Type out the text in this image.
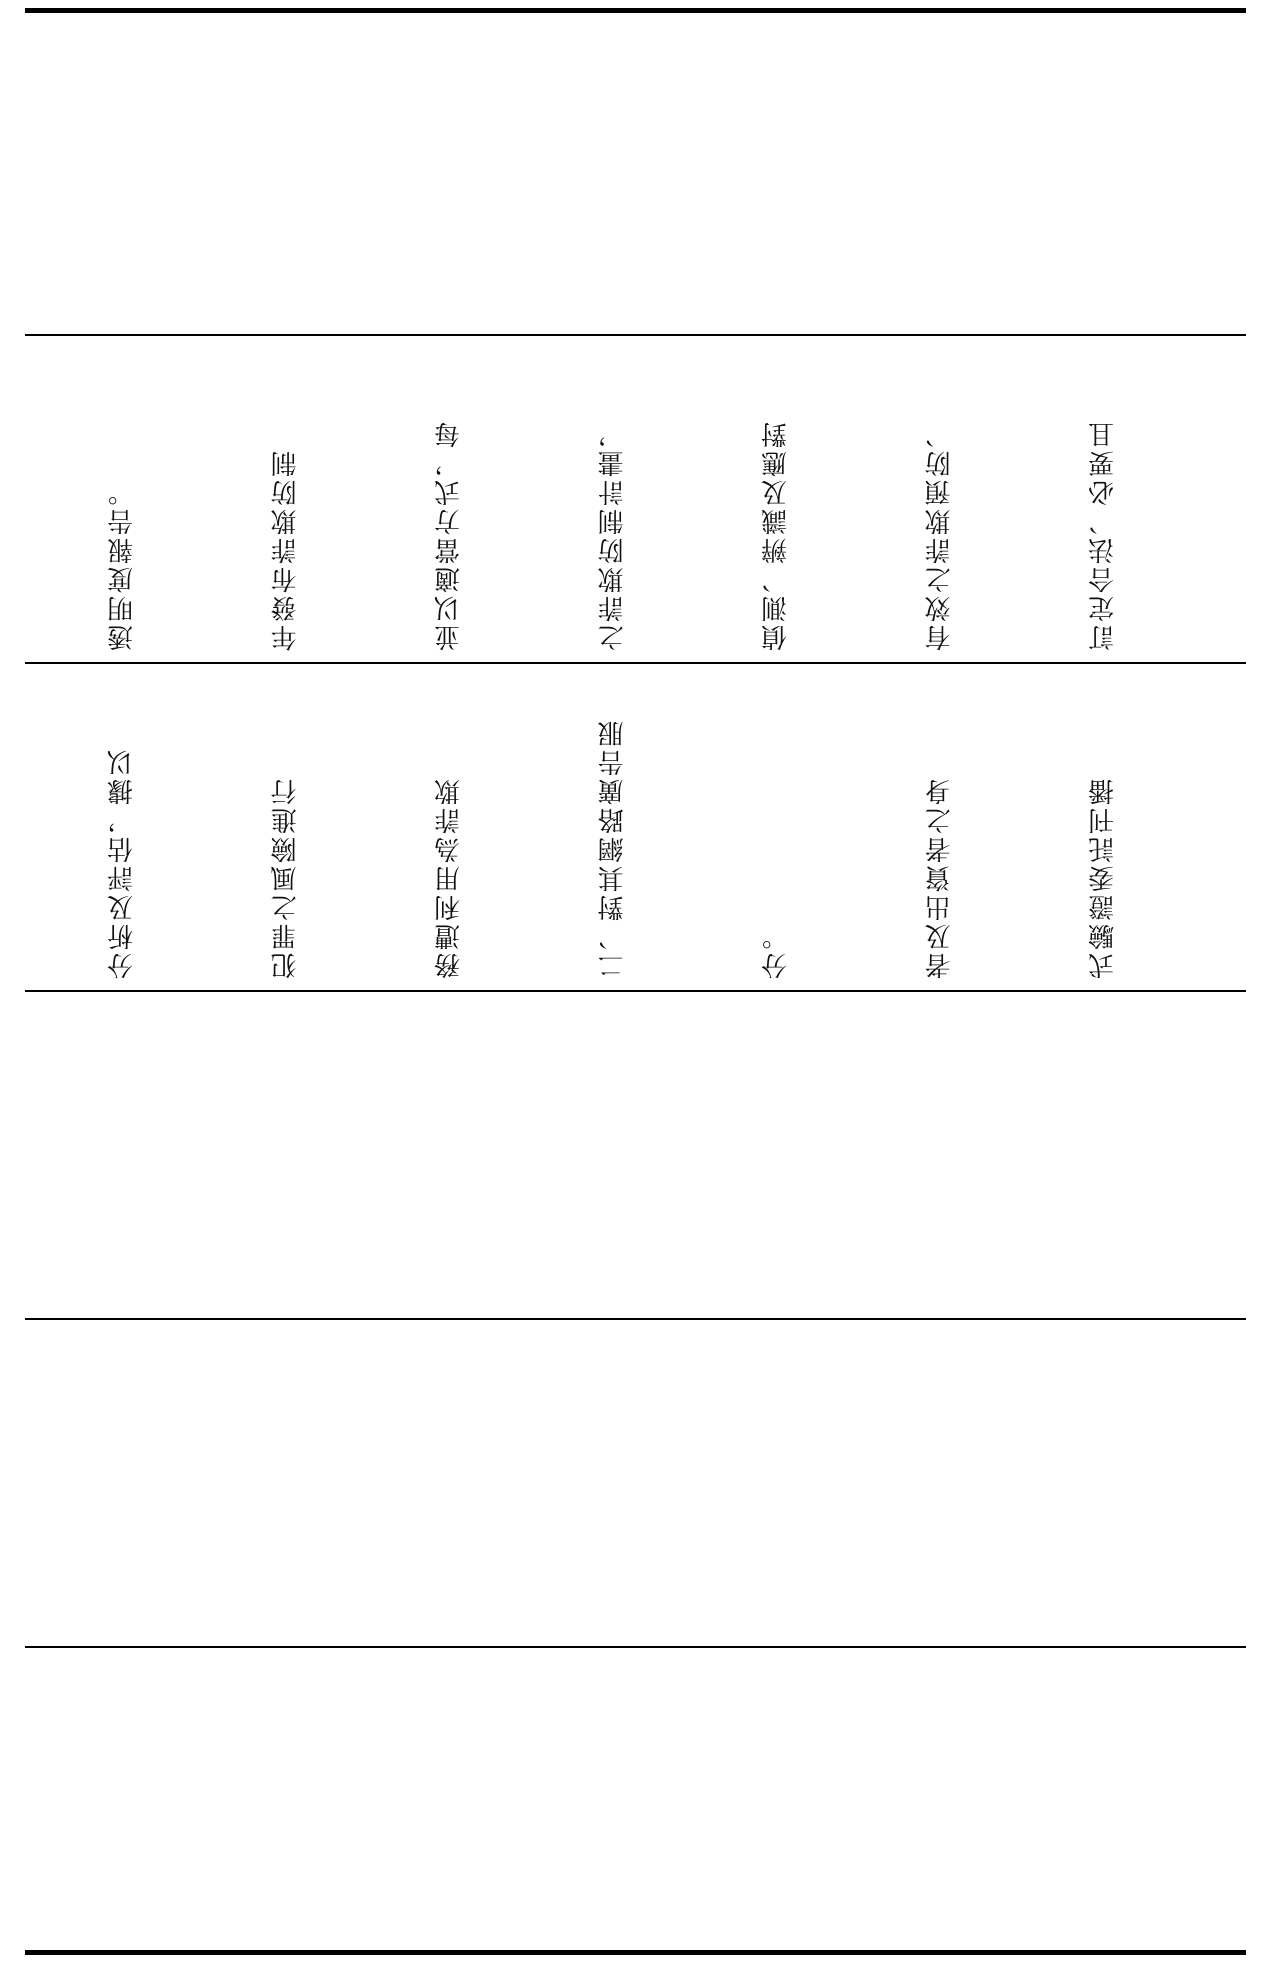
訂定合法、必要且

有效之詐欺預防、

偵測、辨識及應對

之詐欺防制計畫，

並以適當方式，每

年發布詐欺防制

透明度報告。

式驗證委託刊播

者及出資者之身

分。

二、對其網路廣告服

務遭利用為詐欺

犯罪之風險進行

分析及評估，據以
